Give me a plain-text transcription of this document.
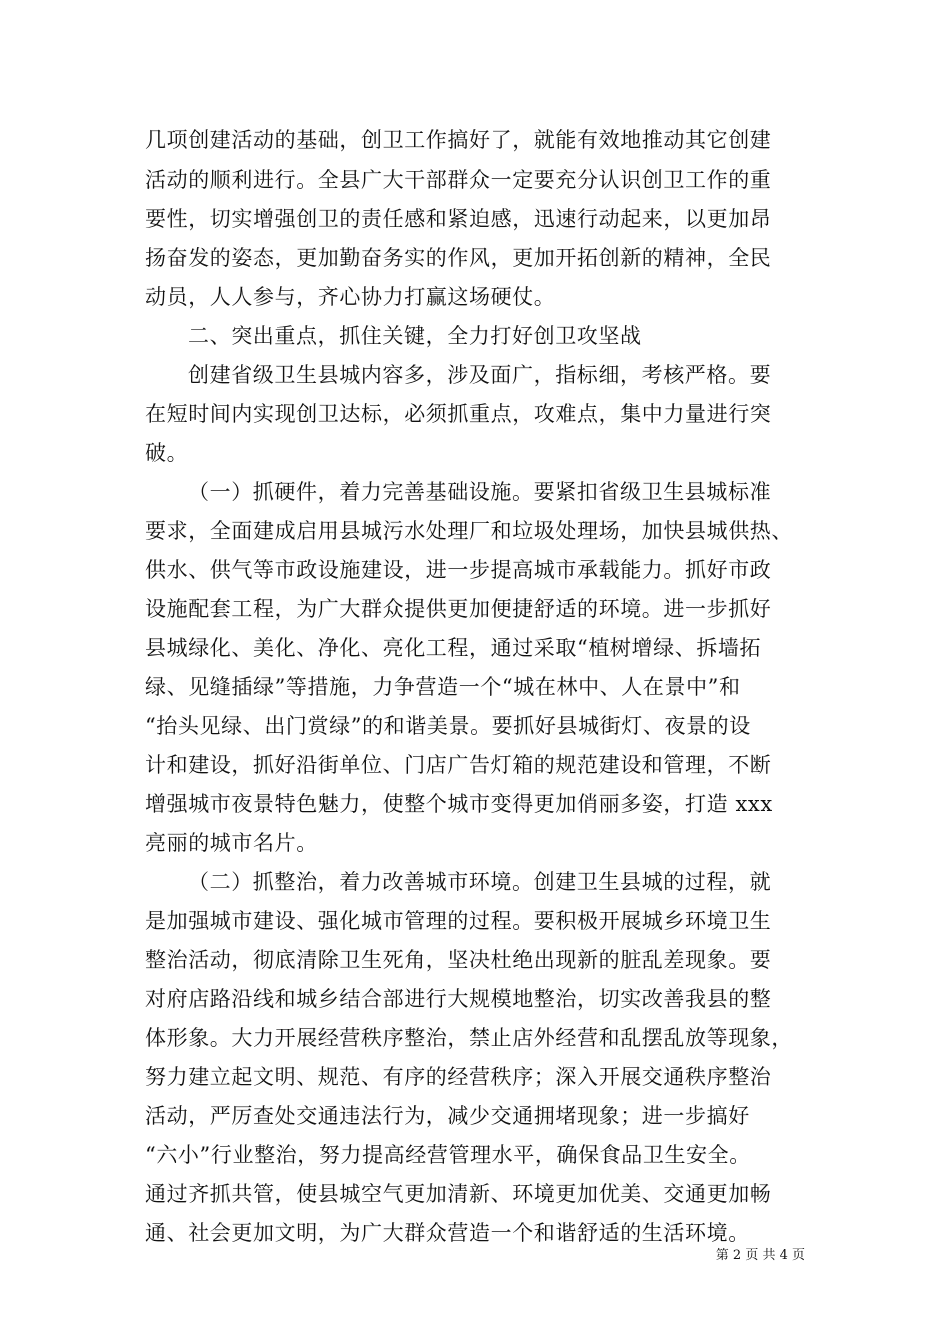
几项创建活动的基础，创卫工作搞好了，就能有效地推动其它创建
活动的顺利进行。全县广大干部群众一定要充分认识创卫工作的重
要性，切实增强创卫的责任感和紧迫感，迅速行动起来，以更加昂
扬奋发的姿态，更加勤奋务实的作风，更加开拓创新的精神，全民
动员，人人参与，齐心协力打赢这场硬仗。
二、突出重点，抓住关键，全力打好创卫攻坚战
创建省级卫生县城内容多，涉及面广，指标细，考核严格。要
在短时间内实现创卫达标，必须抓重点，攻难点，集中力量进行突
破。
（一）抓硬件，着力完善基础设施。要紧扣省级卫生县城标准
要求，全面建成启用县城污水处理厂和垃圾处理场，加快县城供热、
供水、供气等市政设施建设，进一步提高城市承载能力。抓好市政
设施配套工程，为广大群众提供更加便捷舒适的环境。进一步抓好
县城绿化、美化、净化、亮化工程，通过采取“植树增绿、拆墙拓
绿、见缝插绿”等措施，力争营造一个“城在林中、人在景中”和
“抬头见绿、出门赏绿”的和谐美景。要抓好县城街灯、夜景的设
计和建设，抓好沿街单位、门店广告灯箱的规范建设和管理，不断
增强城市夜景特色魅力，使整个城市变得更加俏丽多姿，打造 xxx
亮丽的城市名片。
（二）抓整治，着力改善城市环境。创建卫生县城的过程，就
是加强城市建设、强化城市管理的过程。要积极开展城乡环境卫生
整治活动，彻底清除卫生死角，坚决杜绝出现新的脏乱差现象。要
对府店路沿线和城乡结合部进行大规模地整治，切实改善我县的整
体形象。大力开展经营秩序整治，禁止店外经营和乱摆乱放等现象，
努力建立起文明、规范、有序的经营秩序；深入开展交通秩序整治
活动，严厉查处交通违法行为，减少交通拥堵现象；进一步搞好
“六小”行业整治，努力提高经营管理水平，确保食品卫生安全。
通过齐抓共管，使县城空气更加清新、环境更加优美、交通更加畅
通、社会更加文明，为广大群众营造一个和谐舒适的生活环境。
第 2 页 共 4 页
